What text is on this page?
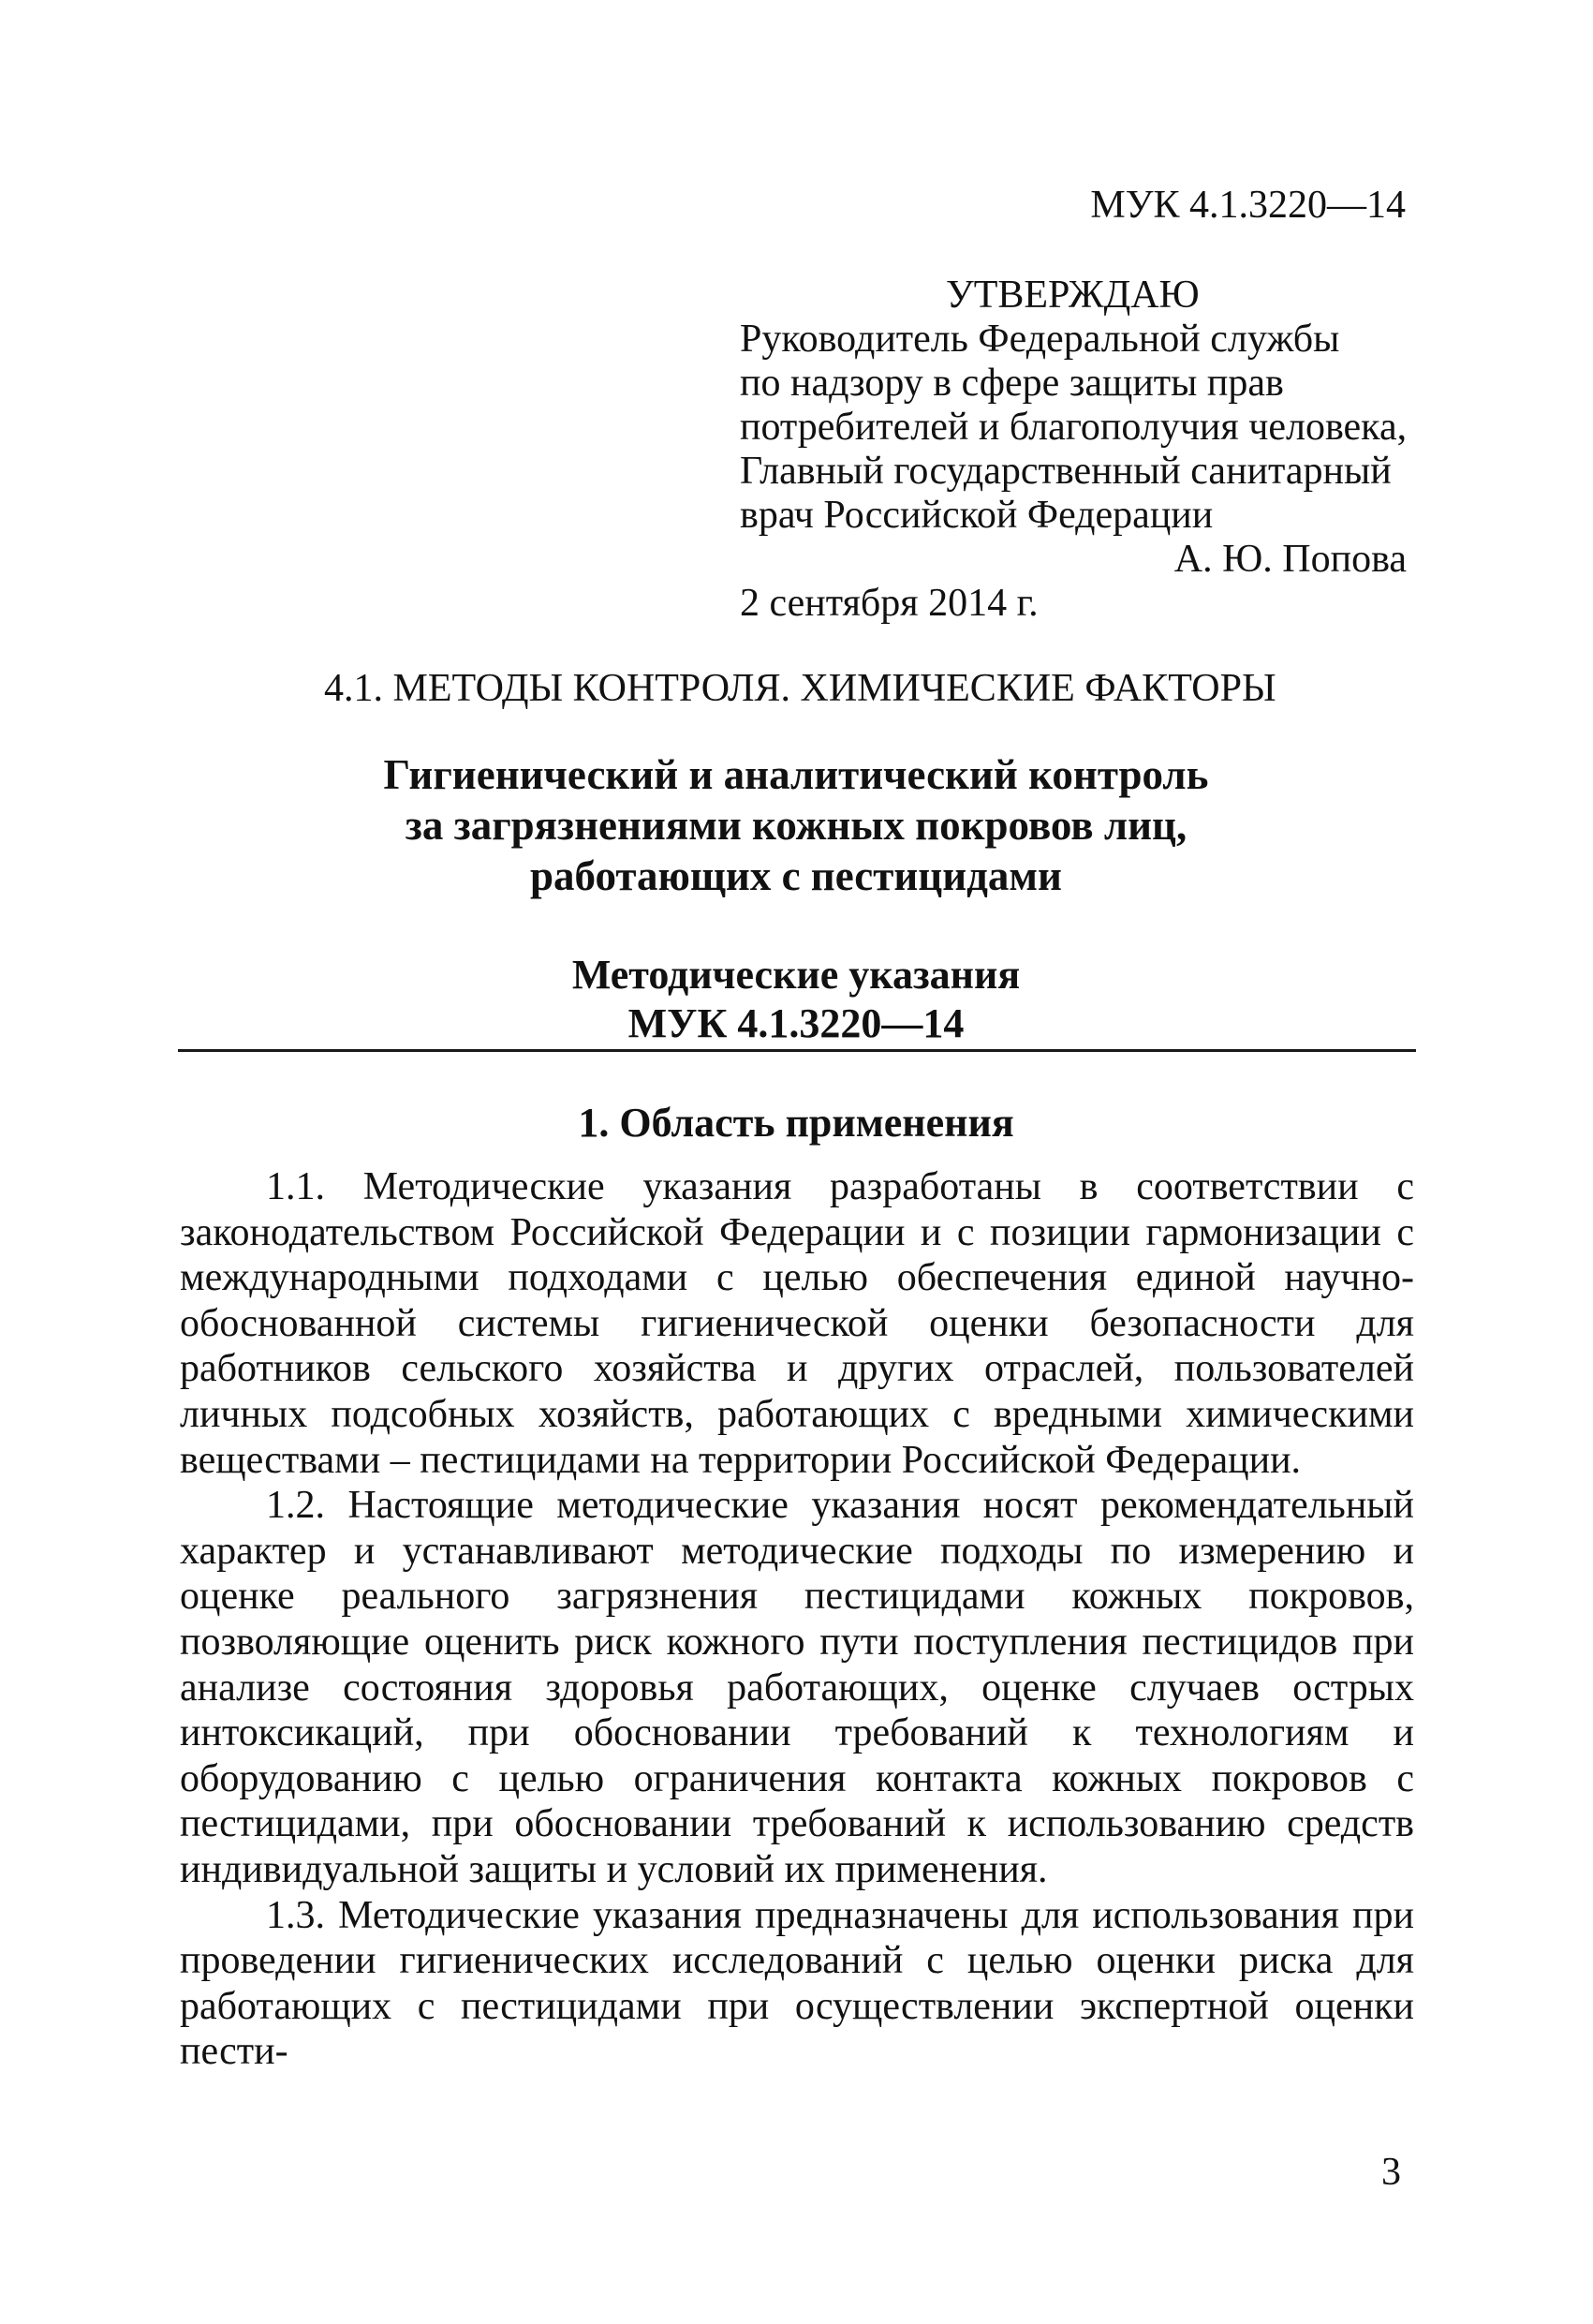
МУК 4.1.3220—14
УТВЕРЖДАЮ
Руководитель Федеральной службы
по надзору в сфере защиты прав
потребителей и благополучия человека,
Главный государственный санитарный
врач Российской Федерации
А. Ю. Попова
2 сентября 2014 г.
4.1. МЕТОДЫ КОНТРОЛЯ. ХИМИЧЕСКИЕ ФАКТОРЫ
Гигиенический и аналитический контроль
за загрязнениями кожных покровов лиц,
работающих с пестицидами
Методические указания
МУК 4.1.3220—14
1. Область применения

1.1. Методические указания разработаны в соответствии с законодательством Российской Федерации и с позиции гармонизации с международными подходами с целью обеспечения единой научно-обоснованной системы гигиенической оценки безопасности для работников сельского хозяйства и других отраслей, пользователей личных подсобных хозяйств, работающих с вредными химическими веществами – пестицидами на территории Российской Федерации.

1.2. Настоящие методические указания носят рекомендательный характер и устанавливают методические подходы по измерению и оценке реального загрязнения пестицидами кожных покровов, позволяющие оценить риск кожного пути поступления пестицидов при анализе состояния здоровья работающих, оценке случаев острых интоксикаций, при обосновании требований к технологиям и оборудованию с целью ограничения контакта кожных покровов с пестицидами, при обосновании требований к использованию средств индивидуальной защиты и условий их применения.

1.3. Методические указания предназначены для использования при проведении гигиенических исследований с целью оценки риска для работающих с пестицидами при осуществлении экспертной оценки пести-

3
